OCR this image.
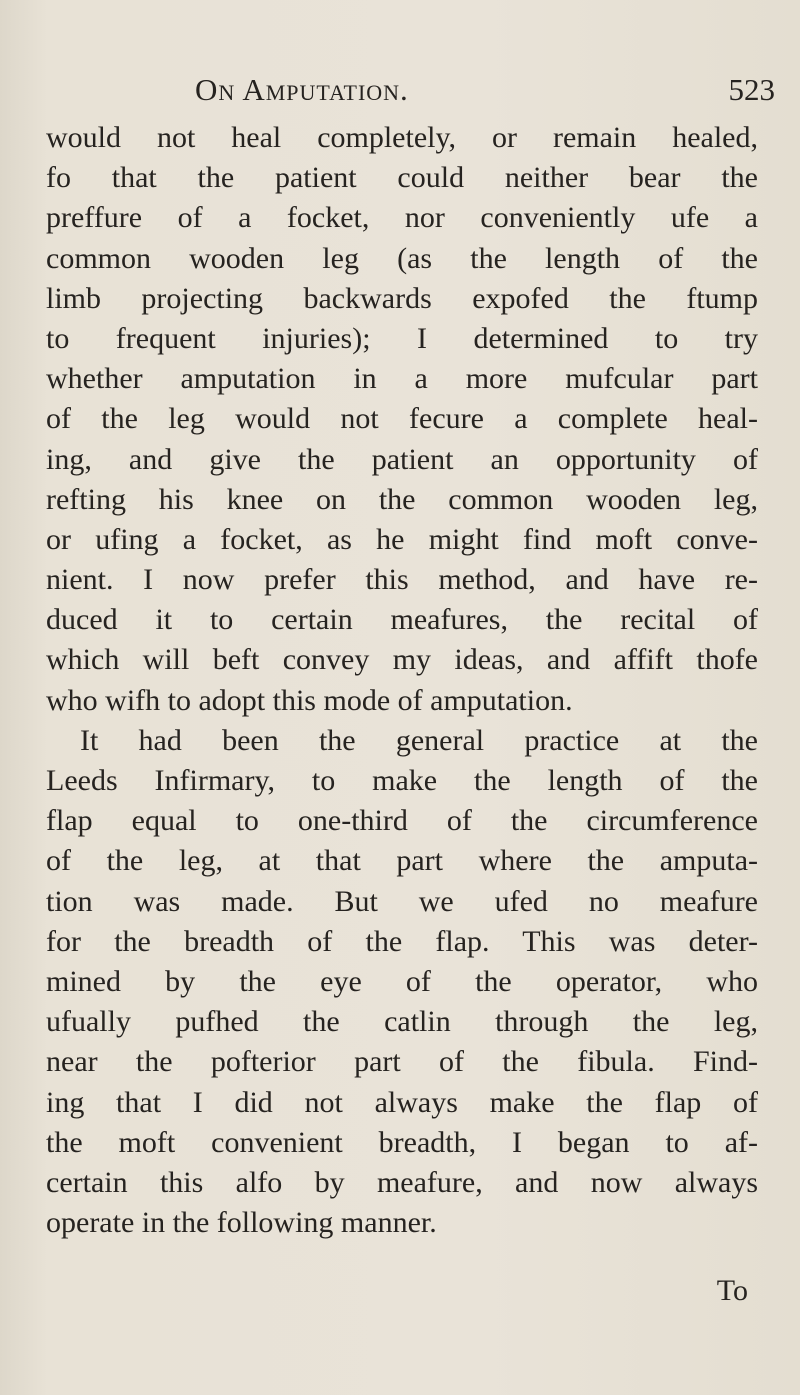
On Amputation.	523
would not heal completely, or remain healed,
fo that the patient could neither bear the
preffure of a focket, nor conveniently ufe a
common wooden leg (as the length of the
limb projecting backwards expofed the ftump
to frequent injuries); I determined to try
whether amputation in a more mufcular part
of the leg would not fecure a complete heal-
ing, and give the patient an opportunity of
refting his knee on the common wooden leg,
or ufing a focket, as he might find moft conve-
nient. I now prefer this method, and have re-
duced it to certain meafures, the recital of
which will beft convey my ideas, and affift thofe
who wifh to adopt this mode of amputation.
It had been the general practice at the
Leeds Infirmary, to make the length of the
flap equal to one-third of the circumference
of the leg, at that part where the amputa-
tion was made. But we ufed no meafure
for the breadth of the flap. This was deter-
mined by the eye of the operator, who
ufually pufhed the catlin through the leg,
near the pofterior part of the fibula. Find-
ing that I did not always make the flap of
the moft convenient breadth, I began to af-
certain this alfo by meafure, and now always
operate in the following manner.
To
